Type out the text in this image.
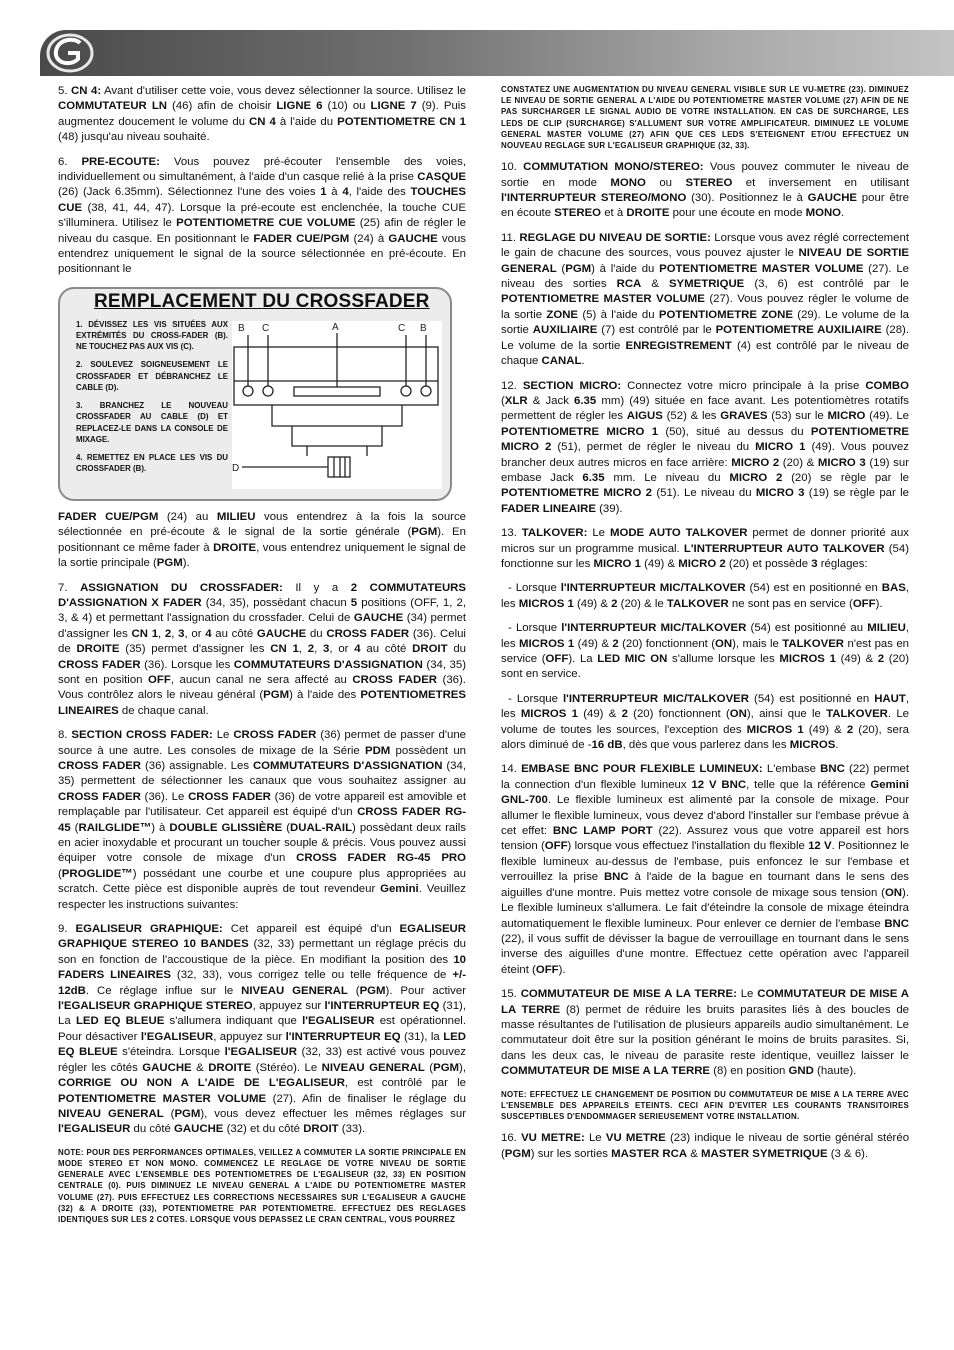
5. CN 4: Avant d'utiliser cette voie, vous devez sélectionner la source. Utilisez le COMMUTATEUR LN (46) afin de choisir LIGNE 6 (10) ou LIGNE 7 (9). Puis augmentez doucement le volume du CN 4 à l'aide du POTENTIOMETRE CN 1 (48) jusqu'au niveau souhaité.

6. PRE-ECOUTE: Vous pouvez pré-écouter l'ensemble des voies, individuellement ou simultanément, à l'aide d'un casque relié à la prise CASQUE (26) (Jack 6.35mm). Sélectionnez l'une des voies 1 à 4, l'aide des TOUCHES CUE (38, 41, 44, 47). Lorsque la pré-ecoute est enclenchée, la touche CUE s'illuminera. Utilisez le POTENTIOMETRE CUE VOLUME (25) afin de régler le niveau du casque. En positionnant le FADER CUE/PGM (24) à GAUCHE vous entendrez uniquement le signal de la source sélectionnée en pré-écoute. En positionnant le

REMPLACEMENT DU CROSSFADER
1. DÉVISSEZ LES VIS SITUÉES AUX EXTRÉMITÉS DU CROSS-FADER (B). NE TOUCHEZ PAS AUX VIS (C).
2. SOULEVEZ SOIGNEUSEMENT LE CROSSFADER ET DÉBRANCHEZ LE CABLE (D).
3. BRANCHEZ LE NOUVEAU CROSSFADER AU CABLE (D) ET REPLACEZ-LE DANS LA CONSOLE DE MIXAGE.
4. REMETTEZ EN PLACE LES VIS DU CROSSFADER (B).
B C	A	C B
D

FADER CUE/PGM (24) au MILIEU vous entendrez à la fois la source sélectionnée en pré-écoute & le signal de la sortie générale (PGM). En positionnant ce même fader à DROITE, vous entendrez uniquement le signal de la sortie principale (PGM).

7. ASSIGNATION DU CROSSFADER: Il y a 2 COMMUTATEURS D'ASSIGNATION X FADER (34, 35), possèdant chacun 5 positions (OFF, 1, 2, 3, & 4) et permettant l'assignation du crossfader. Celui de GAUCHE (34) permet d'assigner les CN 1, 2, 3, or 4 au côté GAUCHE du CROSS FADER (36). Celui de DROITE (35) permet d'assigner les CN 1, 2, 3, or 4 au côté DROIT du CROSS FADER (36). Lorsque les COMMUTATEURS D'ASSIGNATION (34, 35) sont en position OFF, aucun canal ne sera affecté au CROSS FADER (36). Vous contrôlez alors le niveau général (PGM) à l'aide des POTENTIOMETRES LINEAIRES de chaque canal.

8. SECTION CROSS FADER: Le CROSS FADER (36) permet de passer d'une source à une autre. Les consoles de mixage de la Série PDM possèdent un CROSS FADER (36) assignable. Les COMMUTATEURS D'ASSIGNATION (34, 35) permettent de sélectionner les canaux que vous souhaitez assigner au CROSS FADER (36). Le CROSS FADER (36) de votre appareil est amovible et remplaçable par l'utilisateur. Cet appareil est équipé d'un CROSS FADER RG- 45 (RAILGLIDE™) à DOUBLE GLISSIÈRE (DUAL-RAIL) possèdant deux rails en acier inoxydable et procurant un toucher souple & précis. Vous pouvez aussi équiper votre console de mixage d'un CROSS FADER RG-45 PRO (PROGLIDE™) possédant une courbe et une coupure plus appropriées au scratch. Cette pièce est disponible auprès de tout revendeur Gemini. Veuillez respecter les instructions suivantes:

9. EGALISEUR GRAPHIQUE: Cet appareil est équipé d'un EGALISEUR GRAPHIQUE STEREO 10 BANDES (32, 33) permettant un réglage précis du son en fonction de l'accoustique de la pièce. En modifiant la position des 10 FADERS LINEAIRES (32, 33), vous corrigez telle ou telle fréquence de +/- 12dB. Ce réglage influe sur le NIVEAU GENERAL (PGM). Pour activer l'EGALISEUR GRAPHIQUE STEREO, appuyez sur l'INTERRUPTEUR EQ (31), La LED EQ BLEUE s'allumera indiquant que l'EGALISEUR est opérationnel. Pour désactiver l'EGALISEUR, appuyez sur l'INTERRUPTEUR EQ (31), la LED EQ BLEUE s'éteindra. Lorsque l'EGALISEUR (32, 33) est activé vous pouvez régler les côtés GAUCHE & DROITE (Stéréo). Le NIVEAU GENERAL (PGM), CORRIGE OU NON A L'AIDE DE L'EGALISEUR, est contrôlé par le POTENTIOMETRE MASTER VOLUME (27). Afin de finaliser le réglage du NIVEAU GENERAL (PGM), vous devez effectuer les mêmes réglages sur l'EGALISEUR du côté GAUCHE (32) et du côté DROIT (33).

NOTE: POUR DES PERFORMANCES OPTIMALES, VEILLEZ A COMMUTER LA SORTIE PRINCIPALE EN MODE STEREO ET NON MONO. COMMENCEZ LE REGLAGE DE VOTRE NIVEAU DE SORTIE GENERALE AVEC L'ENSEMBLE DES POTENTIOMETRES DE L'EGALISEUR (32, 33) EN POSITION CENTRALE (0). PUIS DIMINUEZ LE NIVEAU GENERAL A L'AIDE DU POTENTIOMETRE MASTER VOLUME (27). PUIS EFFECTUEZ LES CORRECTIONS NECESSAIRES SUR L'EGALISEUR A GAUCHE (32) & A DROITE (33), POTENTIOMETRE PAR POTENTIOMETRE. EFFECTUEZ DES REGLAGES IDENTIQUES SUR LES 2 COTES. LORSQUE VOUS DEPASSEZ LE CRAN CENTRAL, VOUS POURREZ
CONSTATEZ UNE AUGMENTATION DU NIVEAU GENERAL VISIBLE SUR LE VU-METRE (23). DIMINUEZ LE NIVEAU DE SORTIE GENERAL A L'AIDE DU POTENTIOMETRE MASTER VOLUME (27) AFIN DE NE PAS SURCHARGER LE SIGNAL AUDIO DE VOTRE INSTALLATION. EN CAS DE SURCHARGE, LES LEDS DE CLIP (SURCHARGE) S'ALLUMENT SUR VOTRE AMPLIFICATEUR. DIMINUEZ LE VOLUME GENERAL MASTER VOLUME (27) AFIN QUE CES LEDS S'ETEIGNENT ET/OU EFFECTUEZ UN NOUVEAU REGLAGE SUR L'EGALISEUR GRAPHIQUE (32, 33).

10. COMMUTATION MONO/STEREO: Vous pouvez commuter le niveau de sortie en mode MONO ou STEREO et inversement en utilisant l'INTERRUPTEUR STEREO/MONO (30). Positionnez le à GAUCHE pour être en écoute STEREO et à DROITE pour une écoute en mode MONO.

11. REGLAGE DU NIVEAU DE SORTIE: Lorsque vous avez réglé correctement le gain de chacune des sources, vous pouvez ajuster le NIVEAU DE SORTIE GENERAL (PGM) à l'aide du POTENTIOMETRE MASTER VOLUME (27). Le niveau des sorties RCA & SYMETRIQUE (3, 6) est contrôlé par le POTENTIOMETRE MASTER VOLUME (27). Vous pouvez régler le volume de la sortie ZONE (5) à l'aide du POTENTIOMETRE ZONE (29). Le volume de la sortie AUXILIAIRE (7) est contrôlé par le POTENTIOMETRE AUXILIAIRE (28). Le volume de la sortie ENREGISTREMENT (4) est contrôlé par le niveau de chaque CANAL.

12. SECTION MICRO: Connectez votre micro principale à la prise COMBO (XLR & Jack 6.35 mm) (49) située en face avant. Les potentiomètres rotatifs permettent de régler les AIGUS (52) & les GRAVES (53) sur le MICRO (49). Le POTENTIOMETRE MICRO 1 (50), situé au dessus du POTENTIOMETRE MICRO 2 (51), permet de régler le niveau du MICRO 1 (49). Vous pouvez brancher deux autres micros en face arrière: MICRO 2 (20) & MICRO 3 (19) sur embase Jack 6.35 mm. Le niveau du MICRO 2 (20) se règle par le POTENTIOMETRE MICRO 2 (51). Le niveau du MICRO 3 (19) se règle par le FADER LINEAIRE (39).

13. TALKOVER: Le MODE AUTO TALKOVER permet de donner priorité aux micros sur un programme musical. L'INTERRUPTEUR AUTO TALKOVER (54) fonctionne sur les MICRO 1 (49) & MICRO 2 (20) et possède 3 réglages:

- Lorsque l'INTERRUPTEUR MIC/TALKOVER (54) est en positionné en BAS, les MICROS 1 (49) & 2 (20) & le TALKOVER ne sont pas en service (OFF).

- Lorsque l'INTERRUPTEUR MIC/TALKOVER (54) est positionné au MILIEU, les MICROS 1 (49) & 2 (20) fonctionnent (ON), mais le TALKOVER n'est pas en service (OFF). La LED MIC ON s'allume lorsque les MICROS 1 (49) & 2 (20) sont en service.

- Lorsque l'INTERRUPTEUR MIC/TALKOVER (54) est positionné en HAUT, les MICROS 1 (49) & 2 (20) fonctionnent (ON), ainsi que le TALKOVER. Le volume de toutes les sources, l'exception des MICROS 1 (49) & 2 (20), sera alors diminué de -16 dB, dès que vous parlerez dans les MICROS.

14. EMBASE BNC POUR FLEXIBLE LUMINEUX: L'embase BNC (22) permet la connection d'un flexible lumineux 12 V BNC, telle que la référence Gemini GNL-700. Le flexible lumineux est alimenté par la console de mixage. Pour allumer le flexible lumineux, vous devez d'abord l'installer sur l'embase prévue à cet effet: BNC LAMP PORT (22). Assurez vous que votre appareil est hors tension (OFF) lorsque vous effectuez l'installation du flexible 12 V. Positionnez le flexible lumineux au-dessus de l'embase, puis enfoncez le sur l'embase et verrouillez la prise BNC à l'aide de la bague en tournant dans le sens des aiguilles d'une montre. Puis mettez votre console de mixage sous tension (ON). Le flexible lumineux s'allumera. Le fait d'éteindre la console de mixage éteindra automatiquement le flexible lumineux. Pour enlever ce dernier de l'embase BNC (22), il vous suffit de dévisser la bague de verrouillage en tournant dans le sens inverse des aiguilles d'une montre. Effectuez cette opération avec l'appareil éteint (OFF).

15. COMMUTATEUR DE MISE A LA TERRE: Le COMMUTATEUR DE MISE A LA TERRE (8) permet de réduire les bruits parasites liés à des boucles de masse résultantes de l'utilisation de plusieurs appareils audio simultanément. Le commutateur doit être sur la position générant le moins de bruits parasites. Si, dans les deux cas, le niveau de parasite reste identique, veuillez laisser le COMMUTATEUR DE MISE A LA TERRE (8) en position GND (haute).

NOTE: EFFECTUEZ LE CHANGEMENT DE POSITION DU COMMUTATEUR DE MISE A LA TERRE AVEC L'ENSEMBLE DES APPAREILS ETEINTS. CECI AFIN D'EVITER LES COURANTS TRANSITOIRES SUSCEPTIBLES D'ENDOMMAGER SERIEUSEMENT VOTRE INSTALLATION.

16. VU METRE: Le VU METRE (23) indique le niveau de sortie général stéréo (PGM) sur les sorties MASTER RCA & MASTER SYMETRIQUE (3 & 6).
